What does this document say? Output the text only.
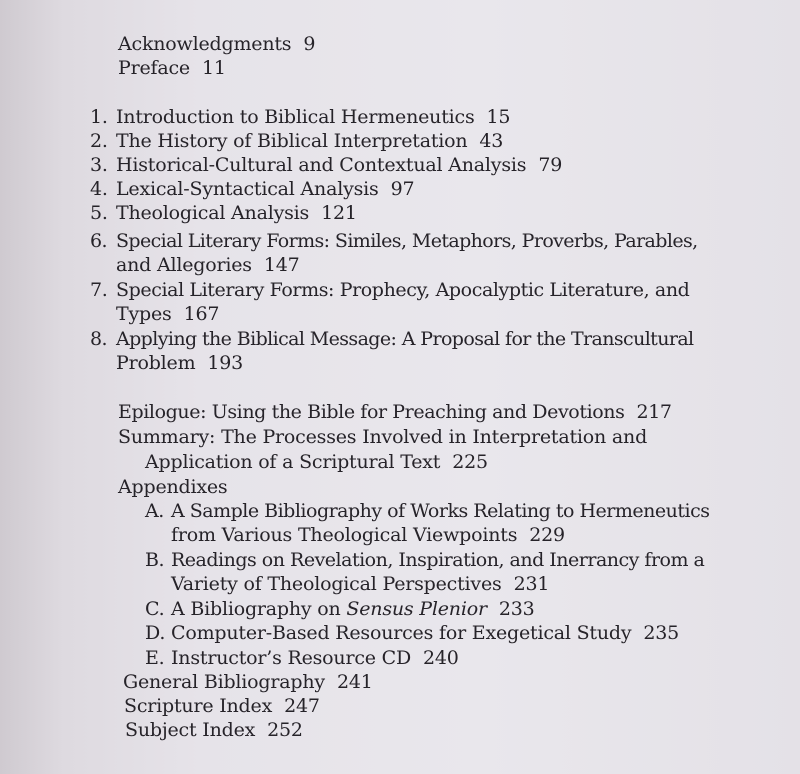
Acknowledgments 9
Preface 11
1. Introduction to Biblical Hermeneutics 15
2. The History of Biblical Interpretation 43
3. Historical-Cultural and Contextual Analysis 79
4. Lexical-Syntactical Analysis 97
5. Theological Analysis 121
6. Special Literary Forms: Similes, Metaphors, Proverbs, Parables,
and Allegories 147
7. Special Literary Forms: Prophecy, Apocalyptic Literature, and
Types 167
8. Applying the Biblical Message: A Proposal for the Transcultural
Problem 193
Epilogue: Using the Bible for Preaching and Devotions 217
Summary: The Processes Involved in Interpretation and
Application of a Scriptural Text 225
Appendixes
A. A Sample Bibliography of Works Relating to Hermeneutics
from Various Theological Viewpoints 229
B. Readings on Revelation, Inspiration, and Inerrancy from a
Variety of Theological Perspectives 231
C. A Bibliography on Sensus Plenior 233
D. Computer-Based Resources for Exegetical Study 235
E. Instructor’s Resource CD 240
General Bibliography 241
Scripture Index 247
Subject Index 252
